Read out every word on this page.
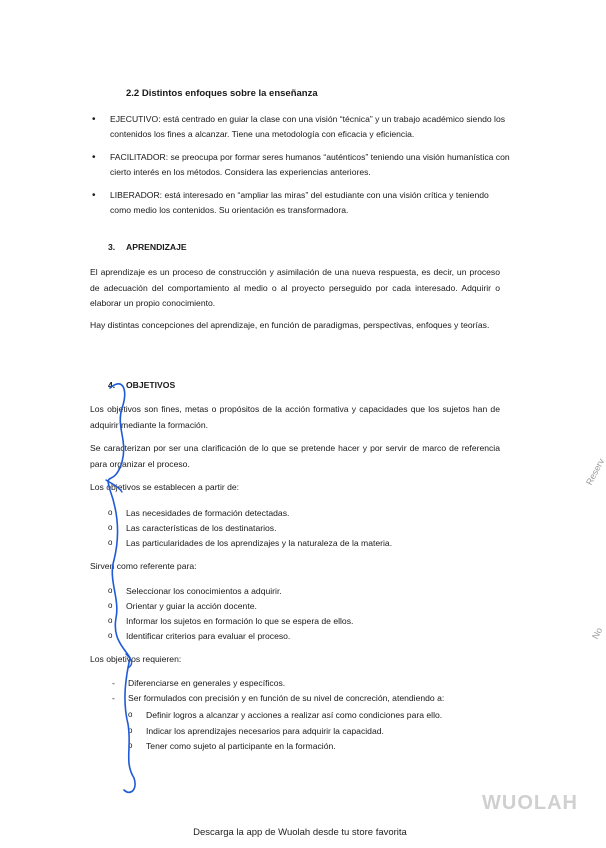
2.2 Distintos enfoques sobre la enseñanza
• EJECUTIVO: está centrado en guiar la clase con una visión “técnica” y un trabajo académico siendo los contenidos los fines a alcanzar. Tiene una metodología con eficacia y eficiencia.
• FACILITADOR: se preocupa por formar seres humanos “auténticos” teniendo una visión humanística con cierto interés en los métodos. Considera las experiencias anteriores.
• LIBERADOR: está interesado en “ampliar las miras” del estudiante con una visión crítica y teniendo como medio los contenidos. Su orientación es transformadora.
3. APRENDIZAJE

El aprendizaje es un proceso de construcción y asimilación de una nueva respuesta, es decir, un proceso de adecuación del comportamiento al medio o al proyecto perseguido por cada interesado. Adquirir o elaborar un propio conocimiento.

Hay distintas concepciones del aprendizaje, en función de paradigmas, perspectivas, enfoques y teorías.

4. OBJETIVOS

Los objetivos son fines, metas o propósitos de la acción formativa y capacidades que los sujetos han de adquirir mediante la formación.

Se caracterizan por ser una clarificación de lo que se pretende hacer y por servir de marco de referencia para organizar el proceso.

Los objetivos se establecen a partir de:
o Las necesidades de formación detectadas.
o Las características de los destinatarios.
o Las particularidades de los aprendizajes y la naturaleza de la materia.
Sirven como referente para:
o Seleccionar los conocimientos a adquirir.
o Orientar y guiar la acción docente.
o Informar los sujetos en formación lo que se espera de ellos.
o Identificar criterios para evaluar el proceso.
Los objetivos requieren:
- Diferenciarse en generales y específicos.
- Ser formulados con precisión y en función de su nivel de concreción, atendiendo a:
o Definir logros a alcanzar y acciones a realizar así como condiciones para ello.
o Indicar los aprendizajes necesarios para adquirir la capacidad.
o Tener como sujeto al participante en la formación.
Reserv
No
WUOLAH
Descarga la app de Wuolah desde tu store favorita
